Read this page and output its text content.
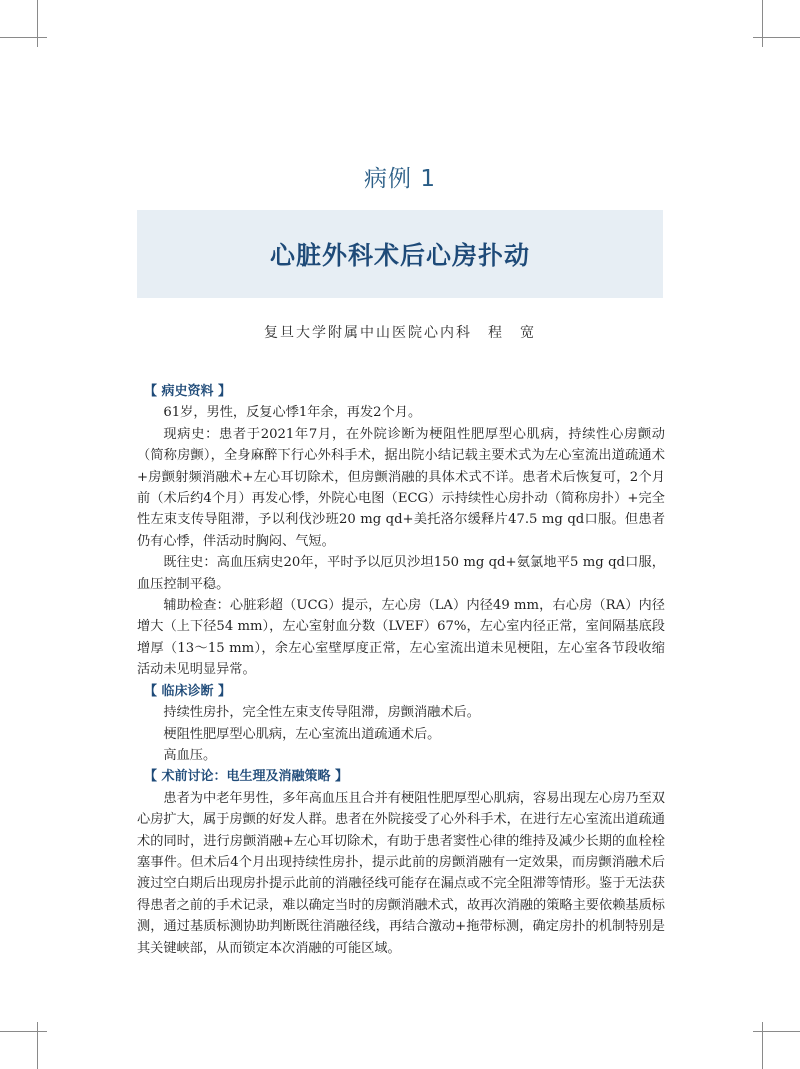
病例 1
心脏外科术后心房扑动
复旦大学附属中山医院心内科　程　宽
【 病史资料 】

61岁，男性，反复心悸1年余，再发2个月。

现病史：患者于2021年7月，在外院诊断为梗阻性肥厚型心肌病，持续性心房颤动（简称房颤），全身麻醉下行心外科手术，据出院小结记载主要术式为左心室流出道疏通术+房颤射频消融术+左心耳切除术，但房颤消融的具体术式不详。患者术后恢复可，2个月前（术后约4个月）再发心悸，外院心电图（ECG）示持续性心房扑动（简称房扑）+完全性左束支传导阻滞，予以利伐沙班20 mg qd+美托洛尔缓释片47.5 mg qd口服。但患者仍有心悸，伴活动时胸闷、气短。

既往史：高血压病史20年，平时予以厄贝沙坦150 mg qd+氨氯地平5 mg qd口服，血压控制平稳。

辅助检查：心脏彩超（UCG）提示，左心房（LA）内径49 mm，右心房（RA）内径增大（上下径54 mm），左心室射血分数（LVEF）67%，左心室内径正常，室间隔基底段增厚（13～15 mm），余左心室壁厚度正常，左心室流出道未见梗阻，左心室各节段收缩活动未见明显异常。

【 临床诊断 】

持续性房扑，完全性左束支传导阻滞，房颤消融术后。

梗阻性肥厚型心肌病，左心室流出道疏通术后。

高血压。

【 术前讨论：电生理及消融策略 】

患者为中老年男性，多年高血压且合并有梗阻性肥厚型心肌病，容易出现左心房乃至双心房扩大，属于房颤的好发人群。患者在外院接受了心外科手术，在进行左心室流出道疏通术的同时，进行房颤消融+左心耳切除术，有助于患者窦性心律的维持及减少长期的血栓栓塞事件。但术后4个月出现持续性房扑，提示此前的房颤消融有一定效果，而房颤消融术后渡过空白期后出现房扑提示此前的消融径线可能存在漏点或不完全阻滞等情形。鉴于无法获得患者之前的手术记录，难以确定当时的房颤消融术式，故再次消融的策略主要依赖基质标测，通过基质标测协助判断既往消融径线，再结合激动+拖带标测，确定房扑的机制特别是其关键峡部，从而锁定本次消融的可能区域。
